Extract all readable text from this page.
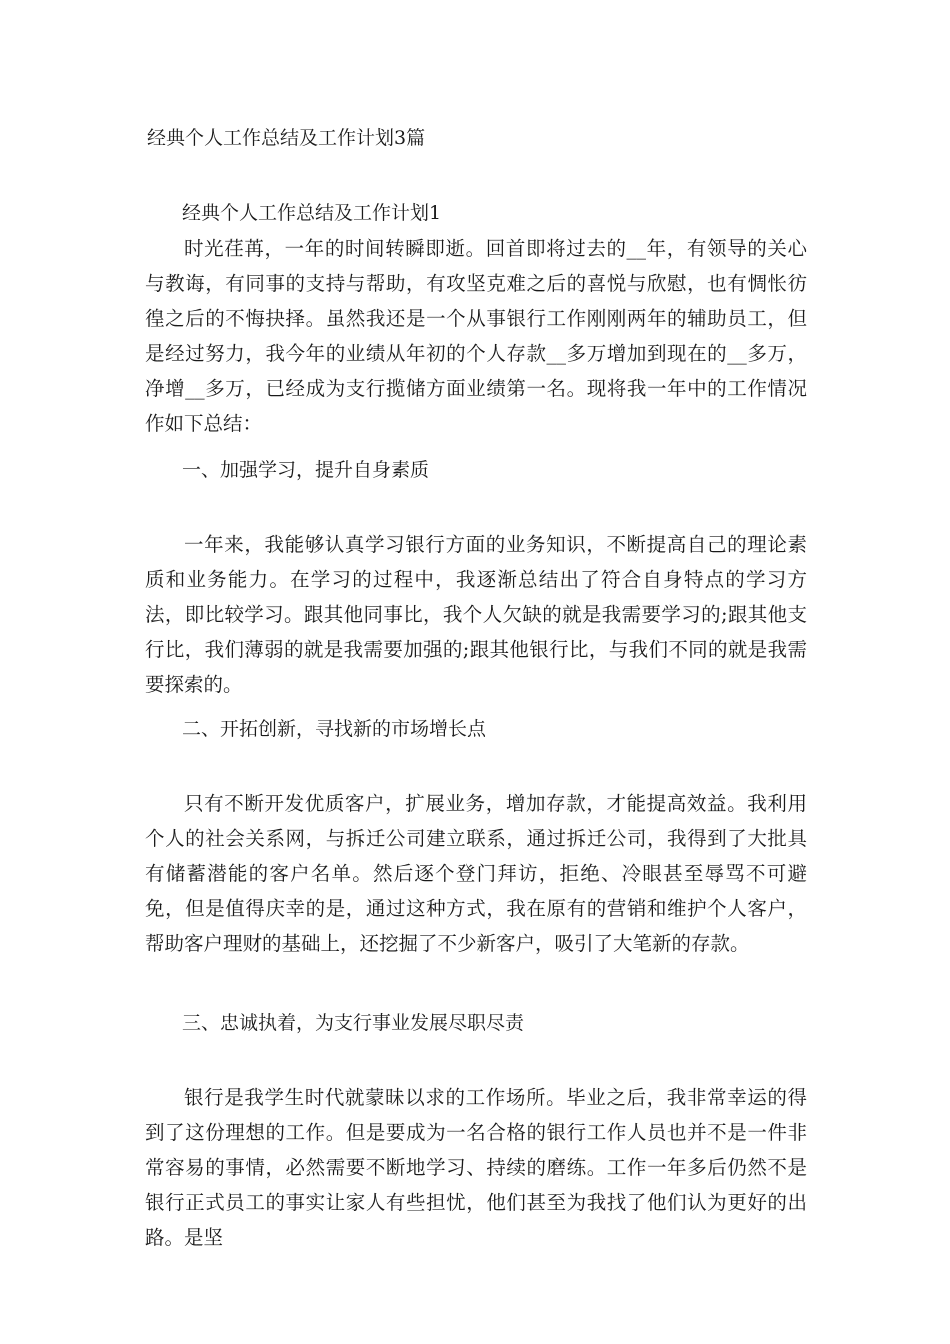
经典个人工作总结及工作计划3篇
经典个人工作总结及工作计划1

时光荏苒，一年的时间转瞬即逝。回首即将过去的__年，有领导的关心与教诲，有同事的支持与帮助，有攻坚克难之后的喜悦与欣慰，也有惆怅彷徨之后的不悔抉择。虽然我还是一个从事银行工作刚刚两年的辅助员工，但是经过努力，我今年的业绩从年初的个人存款__多万增加到现在的__多万，净增__多万，已经成为支行揽储方面业绩第一名。现将我一年中的工作情况作如下总结：

一、加强学习，提升自身素质

一年来，我能够认真学习银行方面的业务知识，不断提高自己的理论素质和业务能力。在学习的过程中，我逐渐总结出了符合自身特点的学习方法，即比较学习。跟其他同事比，我个人欠缺的就是我需要学习的;跟其他支行比，我们薄弱的就是我需要加强的;跟其他银行比，与我们不同的就是我需要探索的。

二、开拓创新，寻找新的市场增长点

只有不断开发优质客户，扩展业务，增加存款，才能提高效益。我利用个人的社会关系网，与拆迁公司建立联系，通过拆迁公司，我得到了大批具有储蓄潜能的客户名单。然后逐个登门拜访，拒绝、冷眼甚至辱骂不可避免，但是值得庆幸的是，通过这种方式，我在原有的营销和维护个人客户，帮助客户理财的基础上，还挖掘了不少新客户，吸引了大笔新的存款。

三、忠诚执着，为支行事业发展尽职尽责

银行是我学生时代就蒙昧以求的工作场所。毕业之后，我非常幸运的得到了这份理想的工作。但是要成为一名合格的银行工作人员也并不是一件非常容易的事情，必然需要不断地学习、持续的磨练。工作一年多后仍然不是银行正式员工的事实让家人有些担忧，他们甚至为我找了他们认为更好的出路。是坚
